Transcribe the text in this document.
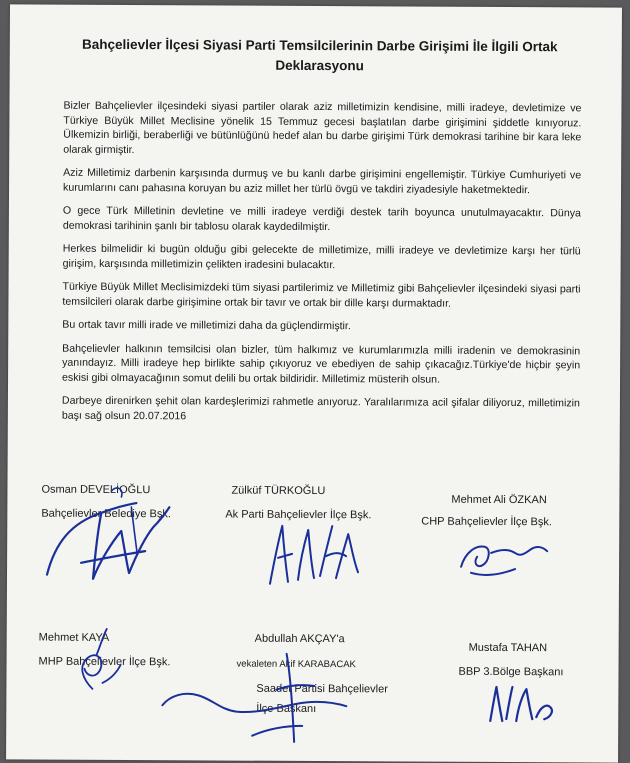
Bahçelievler İlçesi Siyasi Parti Temsilcilerinin Darbe Girişimi İle İlgili Ortak Deklarasyonu

Bizler Bahçelievler ilçesindeki siyasi partiler olarak aziz milletimizin kendisine, milli iradeye, devletimize ve Türkiye Büyük Millet Meclisine yönelik 15 Temmuz gecesi başlatılan darbe girişimini şiddetle kınıyoruz. Ülkemizin birliği, beraberliği ve bütünlüğünü hedef alan bu darbe girişimi Türk demokrasi tarihine bir kara leke olarak girmiştir.

Aziz Milletimiz darbenin karşısında durmuş ve bu kanlı darbe girişimini engellemiştir. Türkiye Cumhuriyeti ve kurumlarını canı pahasına koruyan bu aziz millet her türlü övgü ve takdiri ziyadesiyle haketmektedir.

O gece Türk Milletinin devletine ve milli iradeye verdiği destek tarih boyunca unutulmayacaktır. Dünya demokrasi tarihinin şanlı bir tablosu olarak kaydedilmiştir.

Herkes bilmelidir ki bugün olduğu gibi gelecekte de milletimize, milli iradeye ve devletimize karşı her türlü girişim, karşısında milletimizin çelikten iradesini bulacaktır.

Türkiye Büyük Millet Meclisimizdeki tüm siyasi partilerimiz ve Milletimiz gibi Bahçelievler ilçesindeki siyasi parti temsilcileri olarak darbe girişimine ortak bir tavır ve ortak bir dille karşı durmaktadır.

Bu ortak tavır milli irade ve milletimizi daha da güçlendirmiştir.

Bahçelievler halkının temsilcisi olan bizler, tüm halkımız ve kurumlarımızla milli iradenin ve demokrasinin yanındayız. Milli iradeye hep birlikte sahip çıkıyoruz ve ebediyen de sahip çıkacağız.Türkiye'de hiçbir şeyin eskisi gibi olmayacağının somut delili bu ortak bildiridir. Milletimiz müsterih olsun.

Darbeye direnirken şehit olan kardeşlerimizi rahmetle anıyoruz. Yaralılarımıza acil şifalar diliyoruz, milletimizin başı sağ olsun 20.07.2016

Osman DEVELİOĞLU
Bahçelievler Belediye Bşk.
Zülküf TÜRKOĞLU
Ak Parti Bahçelievler İlçe Bşk.
Mehmet Ali ÖZKAN
CHP Bahçelievler İlçe Bşk.
Mehmet KAYA
MHP Bahçelievler İlçe Bşk.
Abdullah AKÇAY'a
vekaleten Akif KARABACAK
Saadet Partisi Bahçelievler
İlçe Başkanı
Mustafa TAHAN
BBP 3.Bölge Başkanı
